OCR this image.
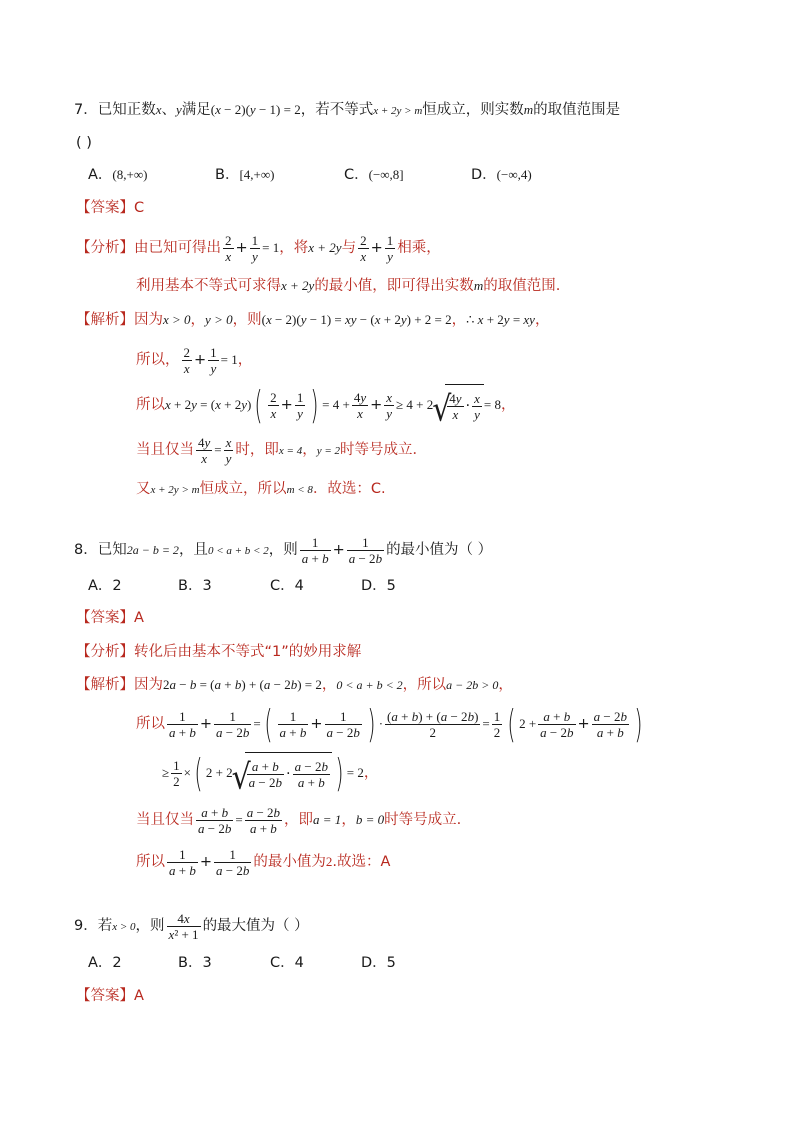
7．已知正数x、y满足(x − 2)(y − 1) = 2，若不等式x + 2y > m恒成立，则实数m的取值范围是
( )
A．(8,+∞)	B．[4,+∞)	C．(−∞,8]	D．(−∞,4)
【答案】C
【分析】由已知可得出 $\frac{2}{x} + \frac{1}{y} = 1$，将x + 2y与 $\frac{2}{x} + \frac{1}{y}$ 相乘，
利用基本不等式可求得x + 2y的最小值，即可得出实数m的取值范围.
【解析】因为x > 0，y > 0，则(x − 2)(y − 1) = xy − (x + 2y) + 2 = 2，∴ x + 2y = xy，
所以， $\frac{2}{x} + \frac{1}{y} = 1$，
所以$x + 2y = (x + 2y)( \frac{2}{x} + \frac{1}{y}$ ) = $4 + \frac{4y}{x} + \frac{x}{y} \ge 4 + 2$ √ $\frac{4y}{x} \cdot \frac{x}{y} = 8$，
当且仅当 $\frac{4y}{x} = \frac{x}{y}$ 时，即x = 4，y = 2时等号成立．
又x + 2y > m恒成立，所以m < 8．故选：C.
8．已知2a − b = 2，且0 < a + b < 2，则 $\frac{1}{a + b} + \frac{1}{a - 2b}$ 的最小值为（ ）
A．2	B．3	C．4	D．5
【答案】A
【分析】转化后由基本不等式“1”的妙用求解
【解析】因为2a − b = (a + b) + (a − 2b) = 2，0 < a + b < 2，所以a − 2b > 0，
所以 $\frac{1}{a + b} + \frac{1}{a - 2b}$ =( $\frac{1}{a + b} + \frac{1}{a - 2b}$ ) · $\frac{(a + b) + (a - 2b)}{2} = \frac{1}{2}$ ( $2 + \frac{a + b}{a - 2b} + \frac{a - 2b}{a + b}$ )
≥ $\frac{1}{2}$ ×( 2 + 2 √ $\frac{a + b}{a - 2b} \cdot \frac{a - 2b}{a + b}$ ) = 2，
当且仅当 $\frac{a + b}{a - 2b} = \frac{a - 2b}{a + b}$ ，即a = 1，b = 0时等号成立.
所以 $\frac{1}{a + b} + \frac{1}{a - 2b}$ 的最小值为2.故选：A
9．若x > 0，则 $\frac{4x}{\text{x² + 1}}$ 的最大值为（ ）
A．2	B．3	C．4	D．5
【答案】A
